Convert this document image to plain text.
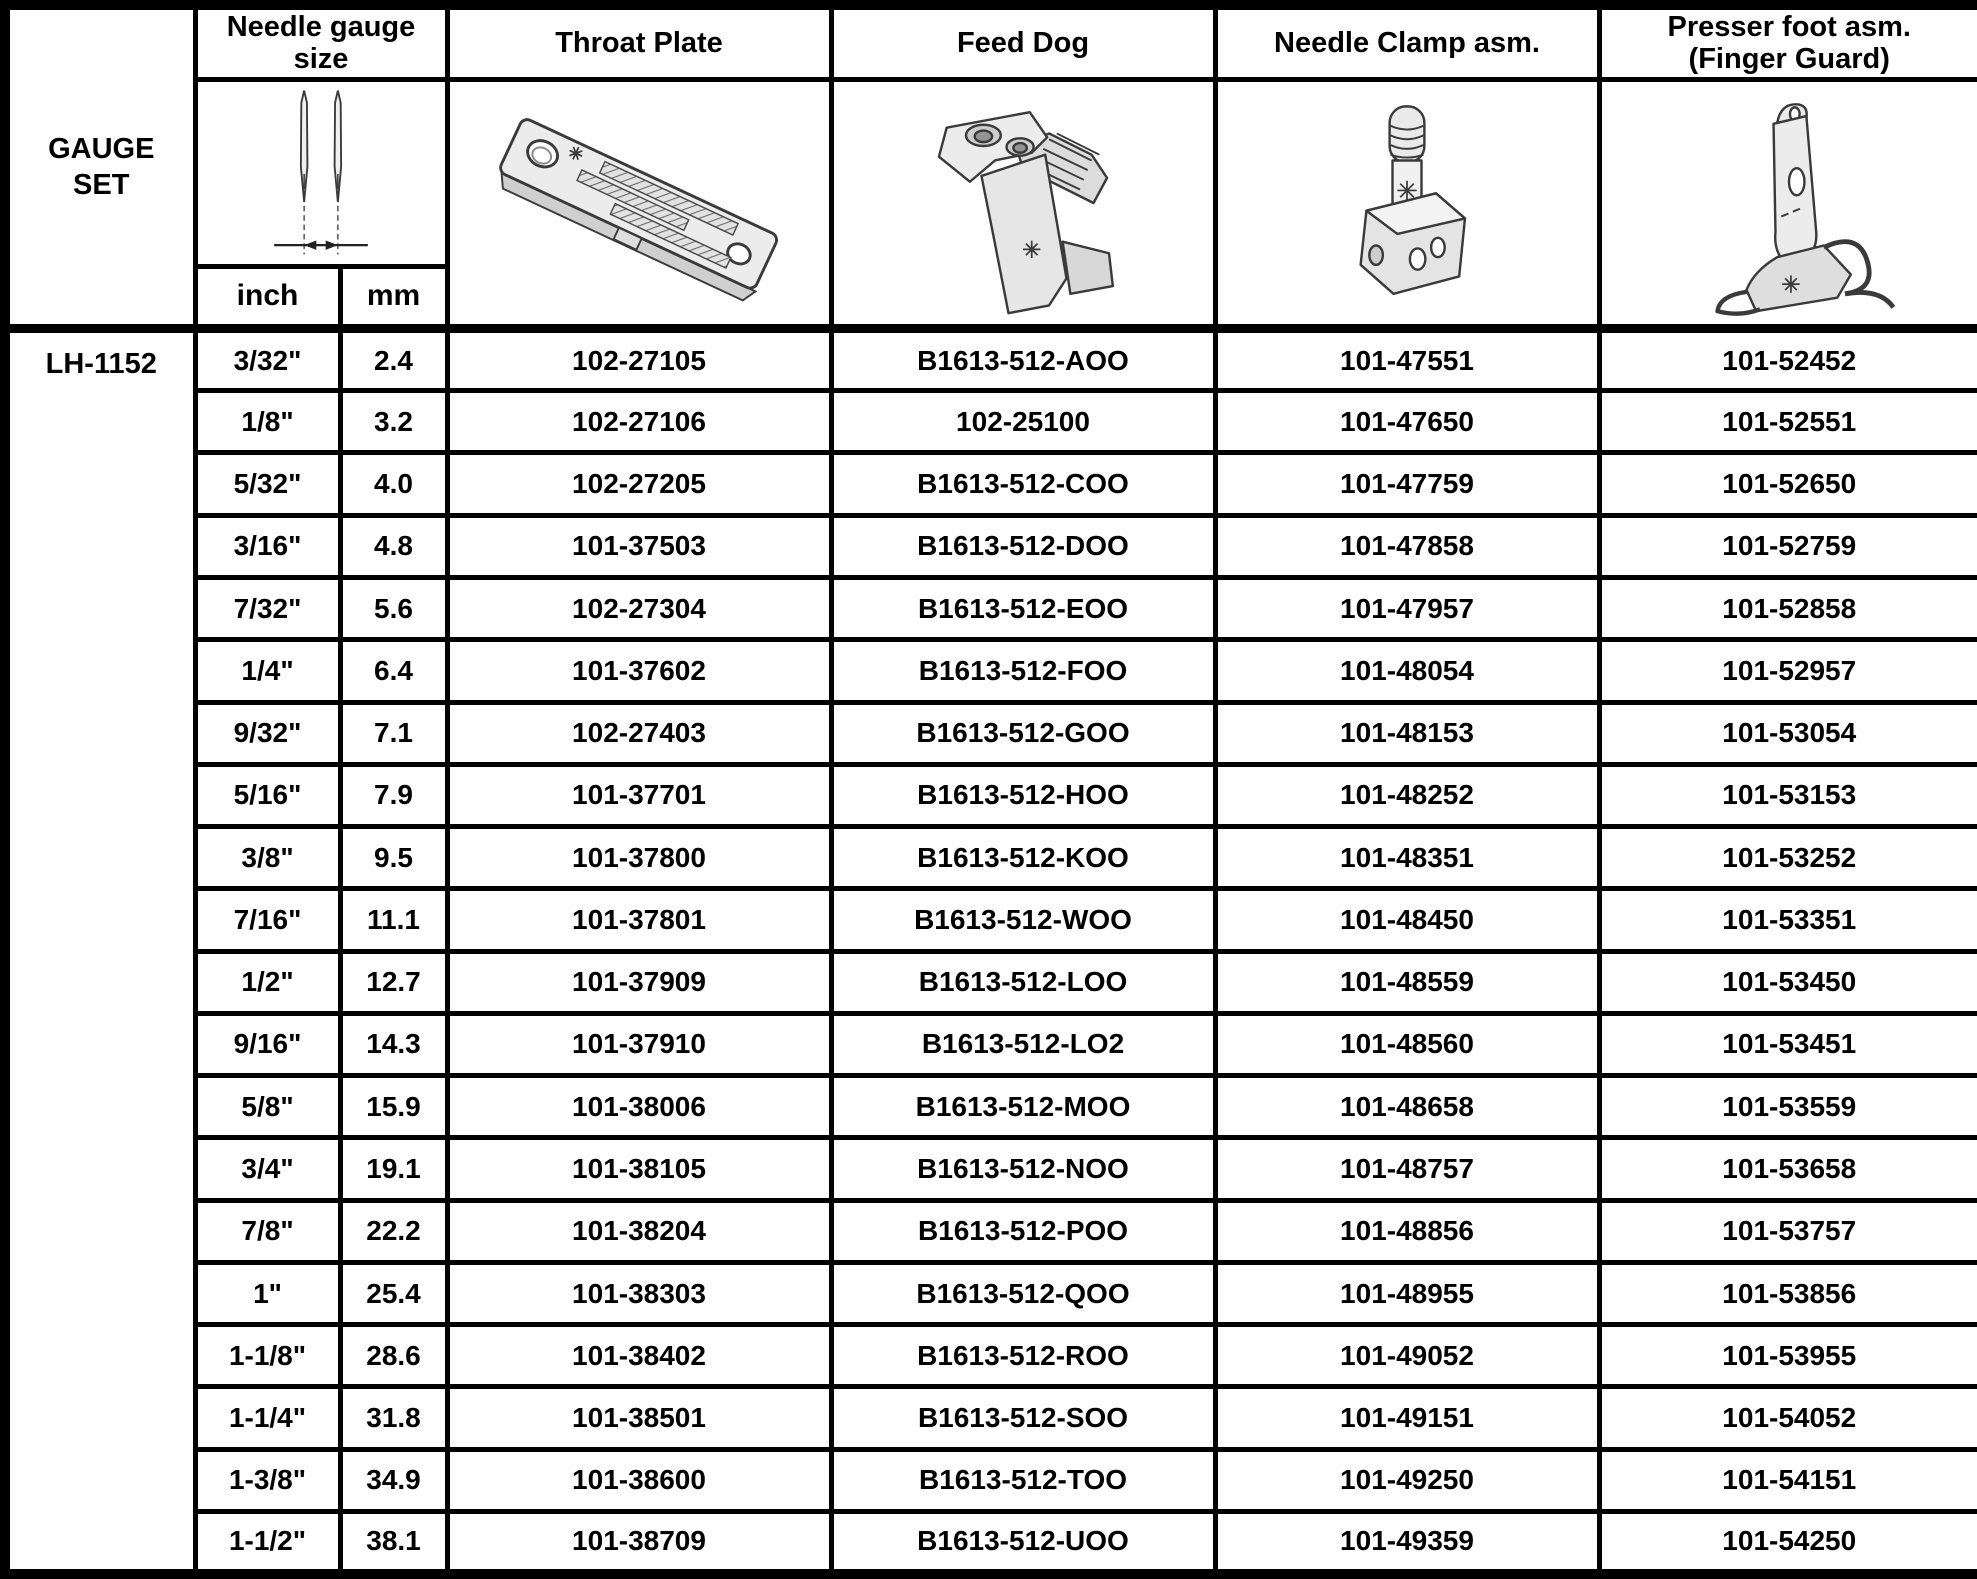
GAUGE SET	Needle gauge size		Throat Plate	Feed Dog	Needle Clamp asm.	Presser foot asm.
(Finger Guard)

	inch	mm				
LH-1152	3/32"	2.4	102-27105	B1613-512-AOO	101-47551	101-52452
	1/8"	3.2	102-27106	102-25100	101-47650	101-52551
	5/32"	4.0	102-27205	B1613-512-COO	101-47759	101-52650
	3/16"	4.8	101-37503	B1613-512-DOO	101-47858	101-52759
	7/32"	5.6	102-27304	B1613-512-EOO	101-47957	101-52858
	1/4"	6.4	101-37602	B1613-512-FOO	101-48054	101-52957
	9/32"	7.1	102-27403	B1613-512-GOO	101-48153	101-53054
	5/16"	7.9	101-37701	B1613-512-HOO	101-48252	101-53153
	3/8"	9.5	101-37800	B1613-512-KOO	101-48351	101-53252
	7/16"	11.1	101-37801	B1613-512-WOO	101-48450	101-53351
	1/2"	12.7	101-37909	B1613-512-LOO	101-48559	101-53450
	9/16"	14.3	101-37910	B1613-512-LO2	101-48560	101-53451
	5/8"	15.9	101-38006	B1613-512-MOO	101-48658	101-53559
	3/4"	19.1	101-38105	B1613-512-NOO	101-48757	101-53658
	7/8"	22.2	101-38204	B1613-512-POO	101-48856	101-53757
	1"	25.4	101-38303	B1613-512-QOO	101-48955	101-53856
	1-1/8"	28.6	101-38402	B1613-512-ROO	101-49052	101-53955
	1-1/4"	31.8	101-38501	B1613-512-SOO	101-49151	101-54052
	1-3/8"	34.9	101-38600	B1613-512-TOO	101-49250	101-54151
	1-1/2"	38.1	101-38709	B1613-512-UOO	101-49359	101-54250
